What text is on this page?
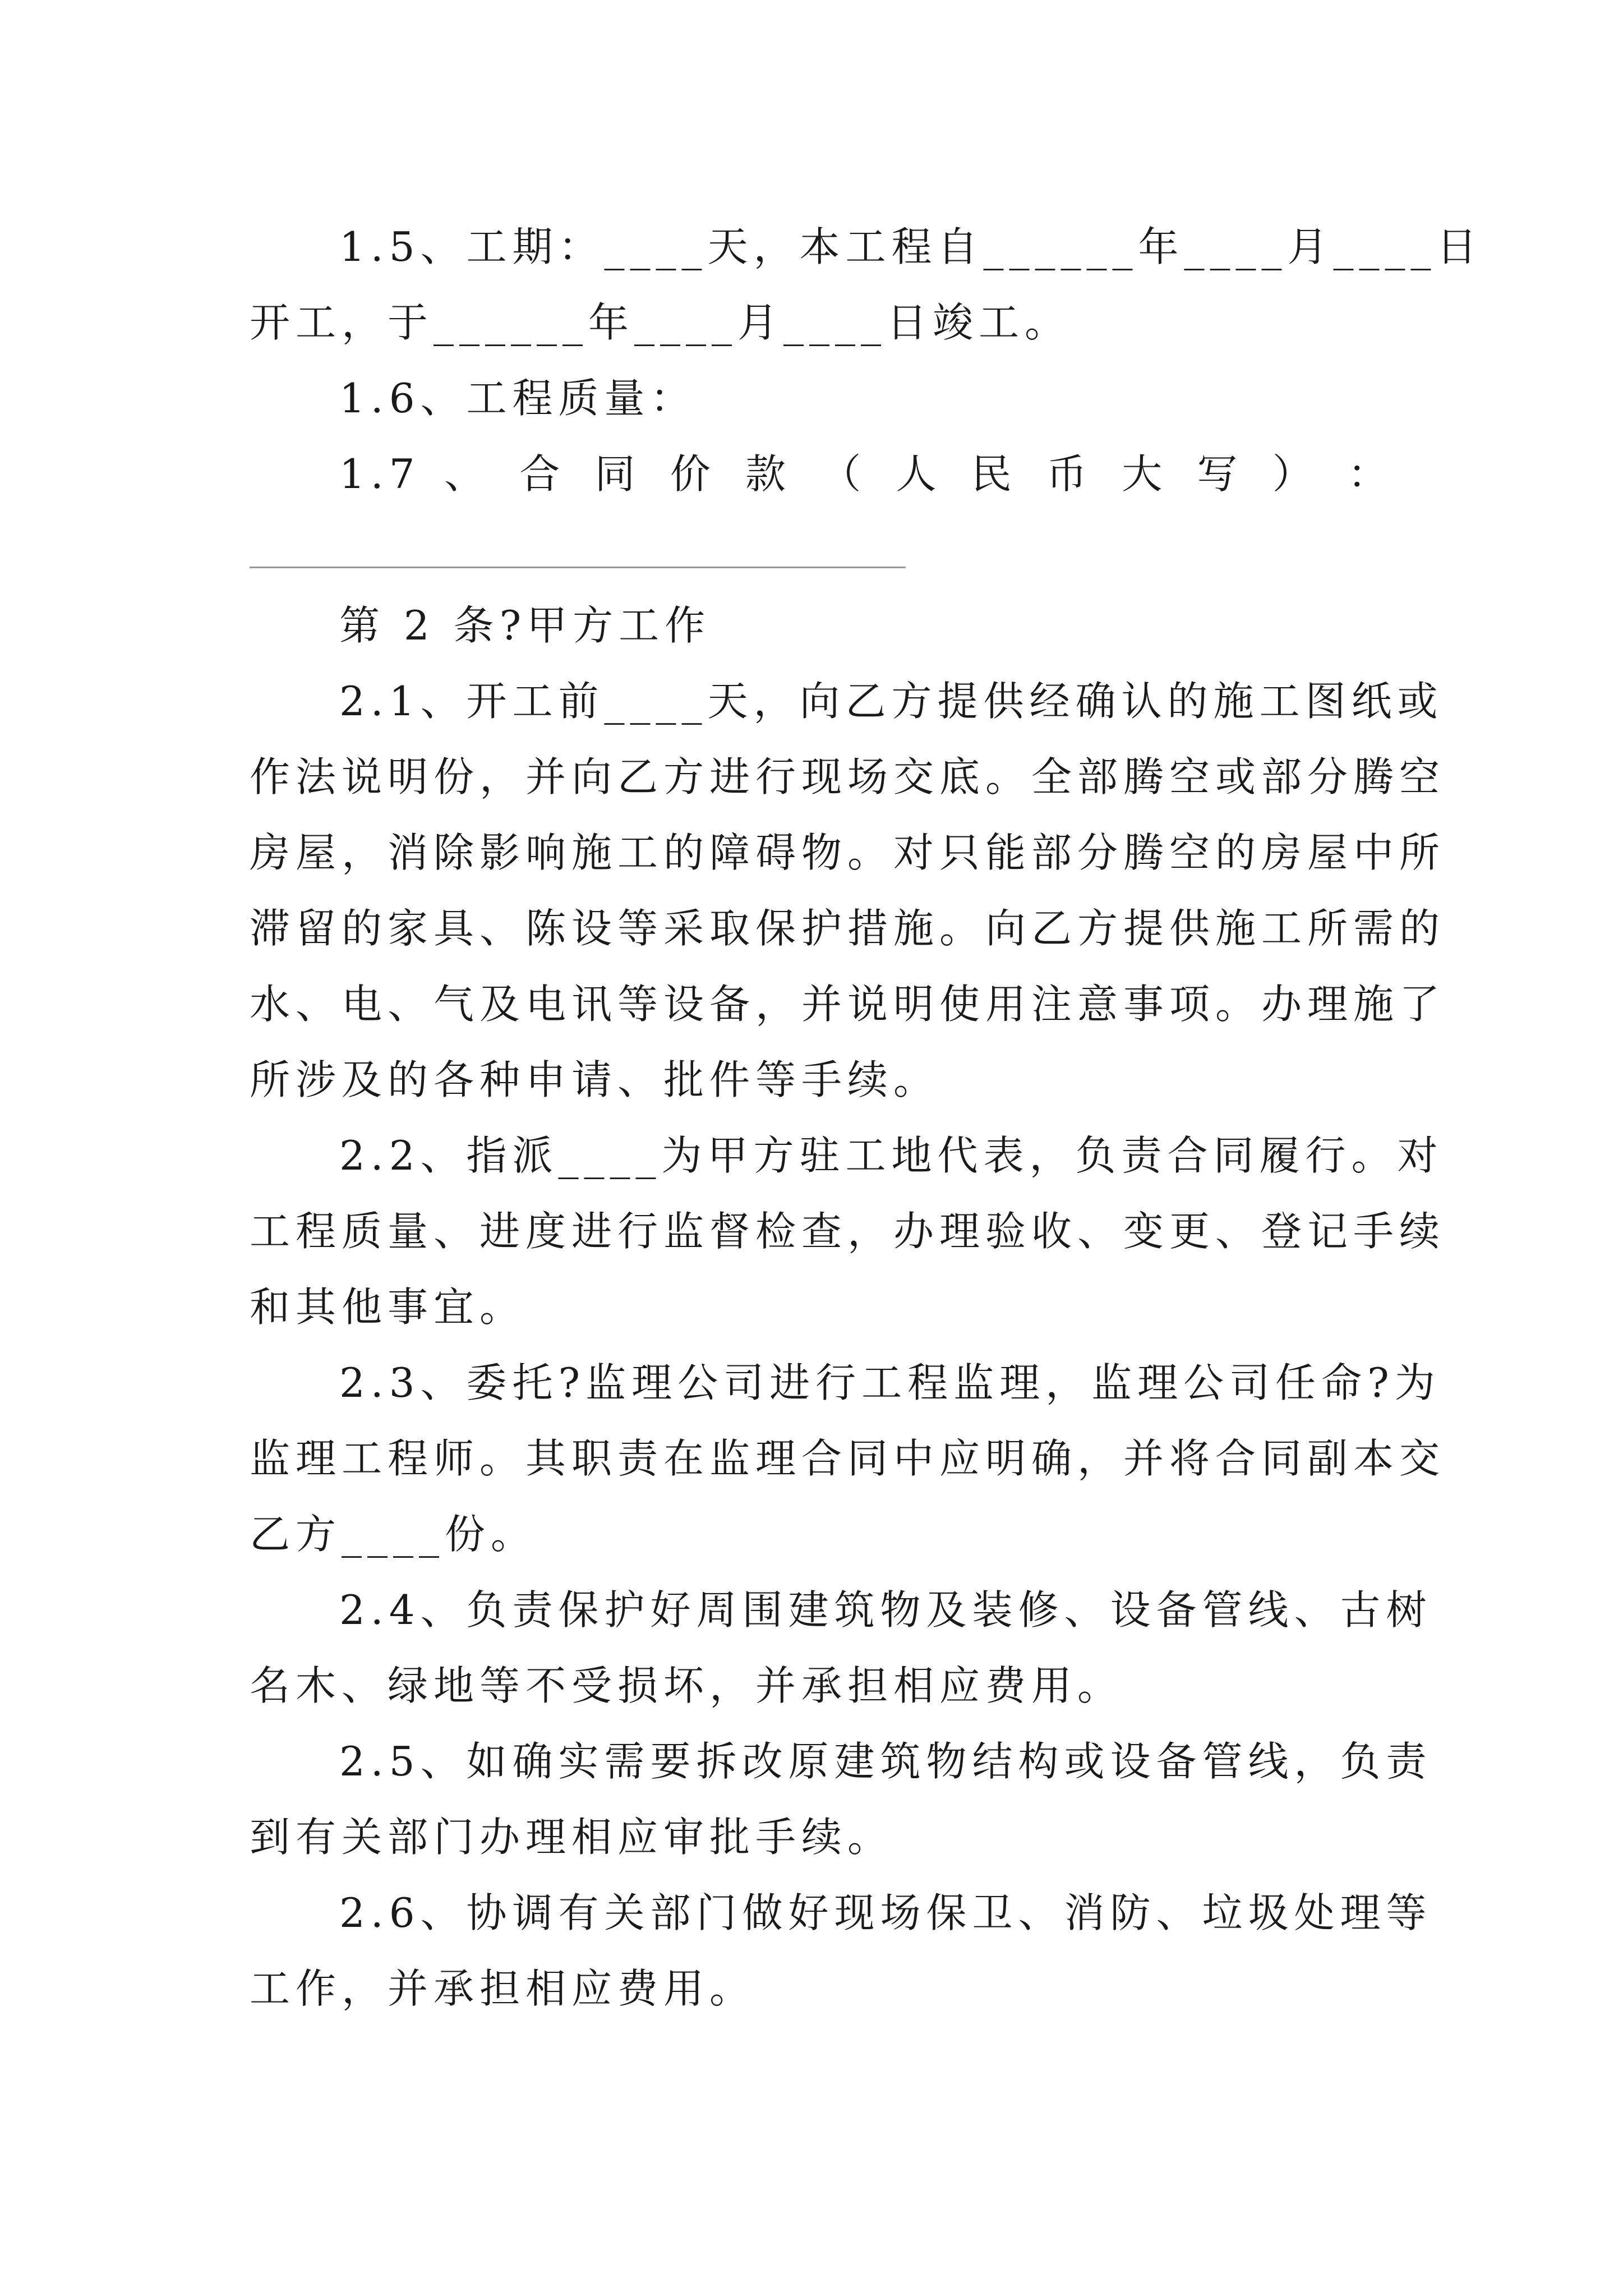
1.5、工期：____天，本工程自______年____月____日
开工，于______年____月____日竣工。
1.6、工程质量：
1.7 、 合 同 价 款 （ 人 民 币 大 写 ） ：
第 2 条?甲方工作
2.1、开工前____天，向乙方提供经确认的施工图纸或
作法说明份，并向乙方进行现场交底。全部腾空或部分腾空
房屋，消除影响施工的障碍物。对只能部分腾空的房屋中所
滞留的家具、陈设等采取保护措施。向乙方提供施工所需的
水、电、气及电讯等设备，并说明使用注意事项。办理施了
所涉及的各种申请、批件等手续。
2.2、指派____为甲方驻工地代表，负责合同履行。对
工程质量、进度进行监督检查，办理验收、变更、登记手续
和其他事宜。
2.3、委托?监理公司进行工程监理，监理公司任命?为
监理工程师。其职责在监理合同中应明确，并将合同副本交
乙方____份。
2.4、负责保护好周围建筑物及装修、设备管线、古树
名木、绿地等不受损坏，并承担相应费用。
2.5、如确实需要拆改原建筑物结构或设备管线，负责
到有关部门办理相应审批手续。
2.6、协调有关部门做好现场保卫、消防、垃圾处理等
工作，并承担相应费用。
